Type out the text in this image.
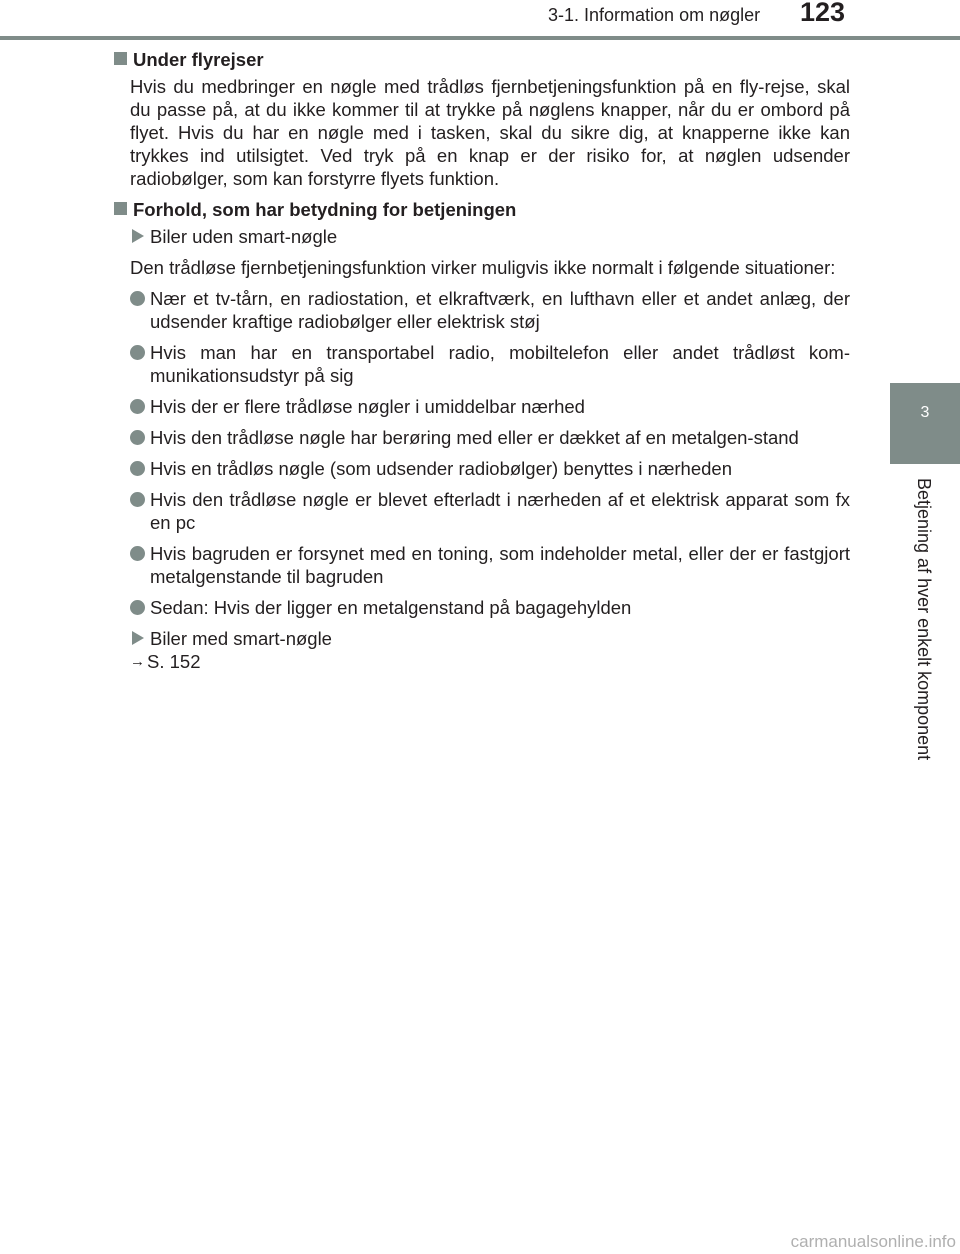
3-1. Information om nøgler	123
3
Betjening af hver enkelt komponent
Under flyrejser

Hvis du medbringer en nøgle med trådløs fjernbetjeningsfunktion på en fly-rejse, skal du passe på, at du ikke kommer til at trykke på nøglens knapper, når du er ombord på flyet. Hvis du har en nøgle med i tasken, skal du sikre dig, at knapperne ikke kan trykkes ind utilsigtet. Ved tryk på en knap er der risiko for, at nøglen udsender radiobølger, som kan forstyrre flyets funktion.

Forhold, som har betydning for betjeningen
Biler uden smart-nøgle

Den trådløse fjernbetjeningsfunktion virker muligvis ikke normalt i følgende situationer:

Nær et tv-tårn, en radiostation, et elkraftværk, en lufthavn eller et andet anlæg, der udsender kraftige radiobølger eller elektrisk støj
Hvis man har en transportabel radio, mobiltelefon eller andet trådløst kom-munikationsudstyr på sig
Hvis der er flere trådløse nøgler i umiddelbar nærhed
Hvis den trådløse nøgle har berøring med eller er dækket af en metalgen-stand
Hvis en trådløs nøgle (som udsender radiobølger) benyttes i nærheden
Hvis den trådløse nøgle er blevet efterladt i nærheden af et elektrisk apparat som fx en pc
Hvis bagruden er forsynet med en toning, som indeholder metal, eller der er fastgjort metalgenstande til bagruden
Sedan: Hvis der ligger en metalgenstand på bagagehylden
Biler med smart-nøgle
→ S. 152
carmanualsonline.info
